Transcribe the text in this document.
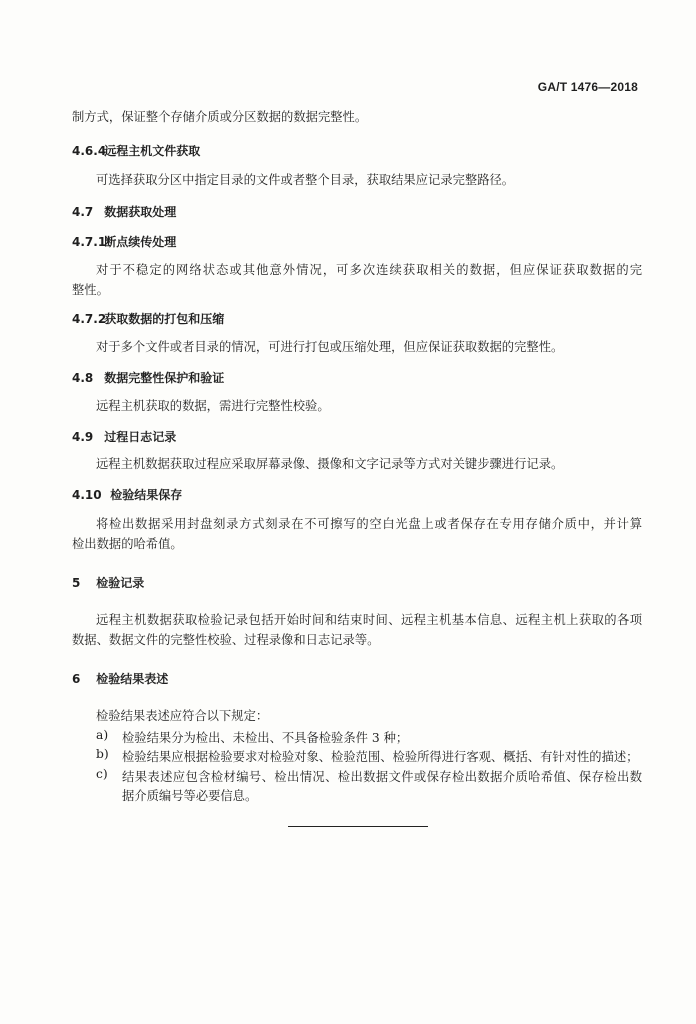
GA/T 1476—2018
制方式，保证整个存储介质或分区数据的数据完整性。
4.6.4 远程主机文件获取
可选择获取分区中指定目录的文件或者整个目录，获取结果应记录完整路径。
4.7 数据获取处理
4.7.1 断点续传处理
对于不稳定的网络状态或其他意外情况，可多次连续获取相关的数据，但应保证获取数据的完
整性。
4.7.2 获取数据的打包和压缩
对于多个文件或者目录的情况，可进行打包或压缩处理，但应保证获取数据的完整性。
4.8 数据完整性保护和验证
远程主机获取的数据，需进行完整性校验。
4.9 过程日志记录
远程主机数据获取过程应采取屏幕录像、摄像和文字记录等方式对关键步骤进行记录。
4.10 检验结果保存
将检出数据采用封盘刻录方式刻录在不可擦写的空白光盘上或者保存在专用存储介质中，并计算
检出数据的哈希值。
5 检验记录
远程主机数据获取检验记录包括开始时间和结束时间、远程主机基本信息、远程主机上获取的各项
数据、数据文件的完整性校验、过程录像和日志记录等。
6 检验结果表述
检验结果表述应符合以下规定：
a) 检验结果分为检出、未检出、不具备检验条件 3 种；
b) 检验结果应根据检验要求对检验对象、检验范围、检验所得进行客观、概括、有针对性的描述；
c) 结果表述应包含检材编号、检出情况、检出数据文件或保存检出数据介质哈希值、保存检出数
据介质编号等必要信息。
